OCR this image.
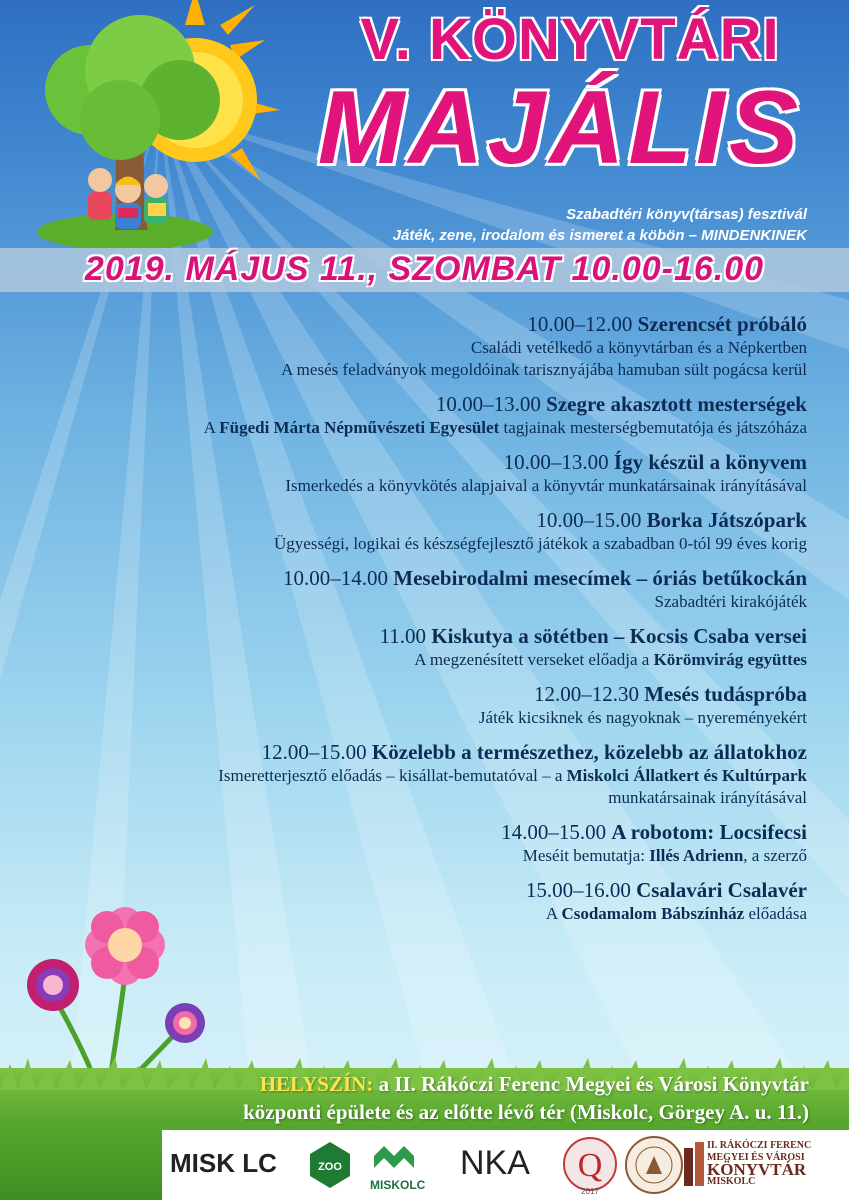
V. KÖNYVTÁRI
MAJÁLIS
Szabadtéri könyv(társas) fesztivál
Játék, zene, irodalom és ismeret a köbön – MINDENKINEK
2019. MÁJUS 11., SZOMBAT 10.00-16.00
10.00–12.00 Szerencsét próbáló
Családi vetélkedő a könyvtárban és a Népkertben
A mesés feladványok megoldóinak tarisznyájába hamuban sült pogácsa kerül
10.00–13.00 Szegre akasztott mesterségek
A Fügedi Márta Népművészeti Egyesület tagjainak mesterségbemutatója és játszóháza
10.00–13.00 Így készül a könyvem
Ismerkedés a könyvkötés alapjaival a könyvtár munkatársainak irányításával
10.00–15.00 Borka Játszópark
Ügyességi, logikai és készségfejlesztő játékok a szabadban 0-tól 99 éves korig
10.00–14.00 Mesebirodalmi mesecímek – óriás betűkockán
Szabadtéri kirakójáték
11.00 Kiskutya a sötétben – Kocsis Csaba versei
A megzenésített verseket előadja a Körömvirág együttes
12.00–12.30 Mesés tudáspróba
Játék kicsiknek és nagyoknak – nyereményekért
12.00–15.00 Közelebb a természethez, közelebb az állatokhoz
Ismeretterjesztő előadás – kisállat-bemutatóval – a Miskolci Állatkert és Kultúrpark
munkatársainak irányításával
14.00–15.00 A robotom: Locsifecsi
Meséit bemutatja: Illés Adrienn, a szerző
15.00–16.00 Csalavári Csalavér
A Csodamalom Bábszínház előadása
HELYSZÍN: a II. Rákóczi Ferenc Megyei és Városi Könyvtár
központi épülete és az előtte lévő tér (Miskolc, Görgey A. u. 11.)
MISK LC	ZOO
MISKOLC
NKA Q
2017
II. RÁKÓCZI FERENC
MEGYEI ÉS VÁROSI
KÖNYVTÁR
MISKOLC
